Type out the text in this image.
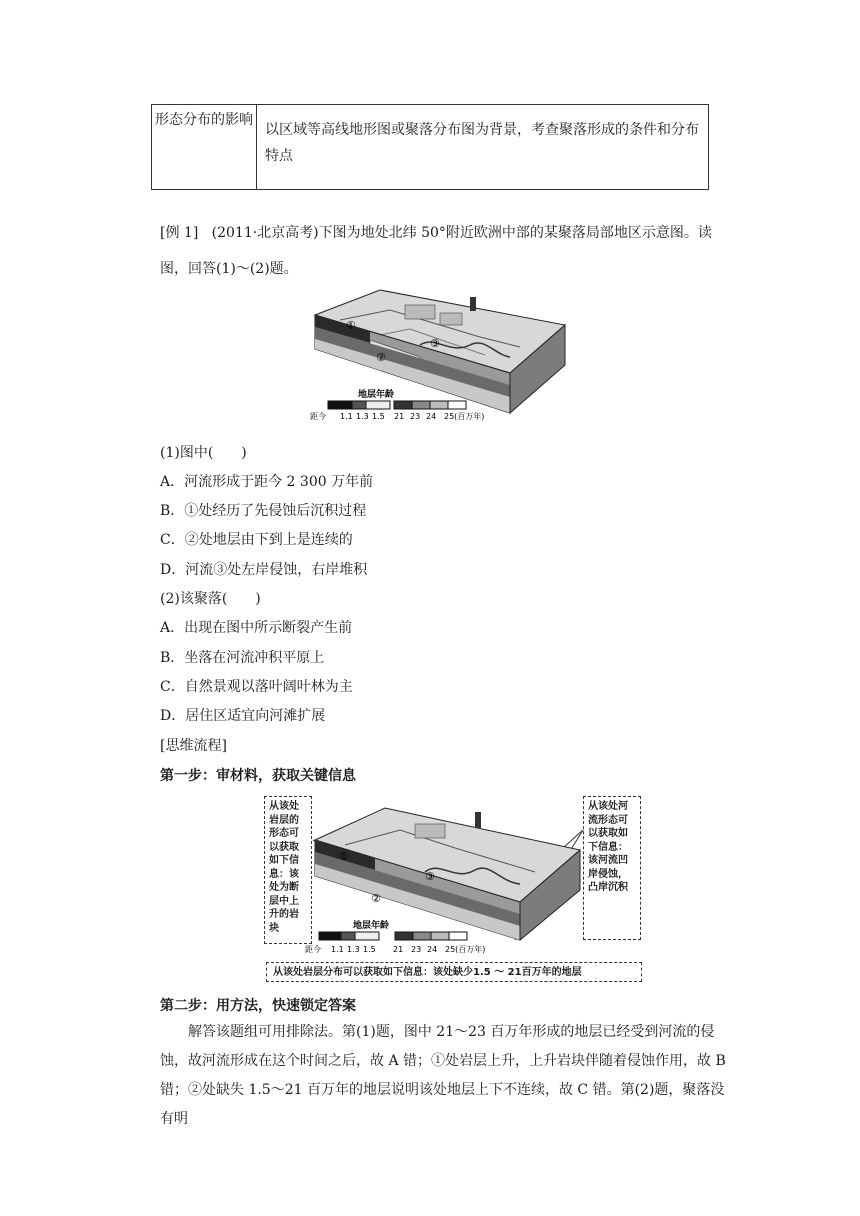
形态分布的影响	以区域等高线地形图或聚落分布图为背景，考查聚落形成的条件和分布特点
[例 1] (2011·北京高考)下图为地处北纬 50°附近欧洲中部的某聚落局部地区示意图。读
图，回答(1)～(2)题。
①
②
③
地层年龄
距今 1.1 1.3 1.5 21 23 24 25(百万年)
(1)图中(　　)
A．河流形成于距今 2 300 万年前
B．①处经历了先侵蚀后沉积过程
C．②处地层由下到上是连续的
D．河流③处左岸侵蚀，右岸堆积
(2)该聚落(　　)
A．出现在图中所示断裂产生前
B．坐落在河流冲积平原上
C．自然景观以落叶阔叶林为主
D．居住区适宜向河滩扩展
[思维流程]
第一步：审材料，获取关键信息
从该处岩层的形态可以获取如下信息：该处为断层中上升的岩块
从该处河流形态可以获取如下信息：该河流凹岸侵蚀，凸岸沉积
①
②
③
地层年龄
距今 1.1 1.3 1.5 21 23 24 25(百万年)
从该处岩层分布可以获取如下信息：该处缺少1.5 ～ 21百万年的地层
第二步：用方法，快速锁定答案
解答该题组可用排除法。第(1)题，图中 21～23 百万年形成的地层已经受到河流的侵蚀，故河流形成在这个时间之后，故 A 错；①处岩层上升，上升岩块伴随着侵蚀作用，故 B 错；②处缺失 1.5～21 百万年的地层说明该处地层上下不连续，故 C 错。第(2)题，聚落没有明
